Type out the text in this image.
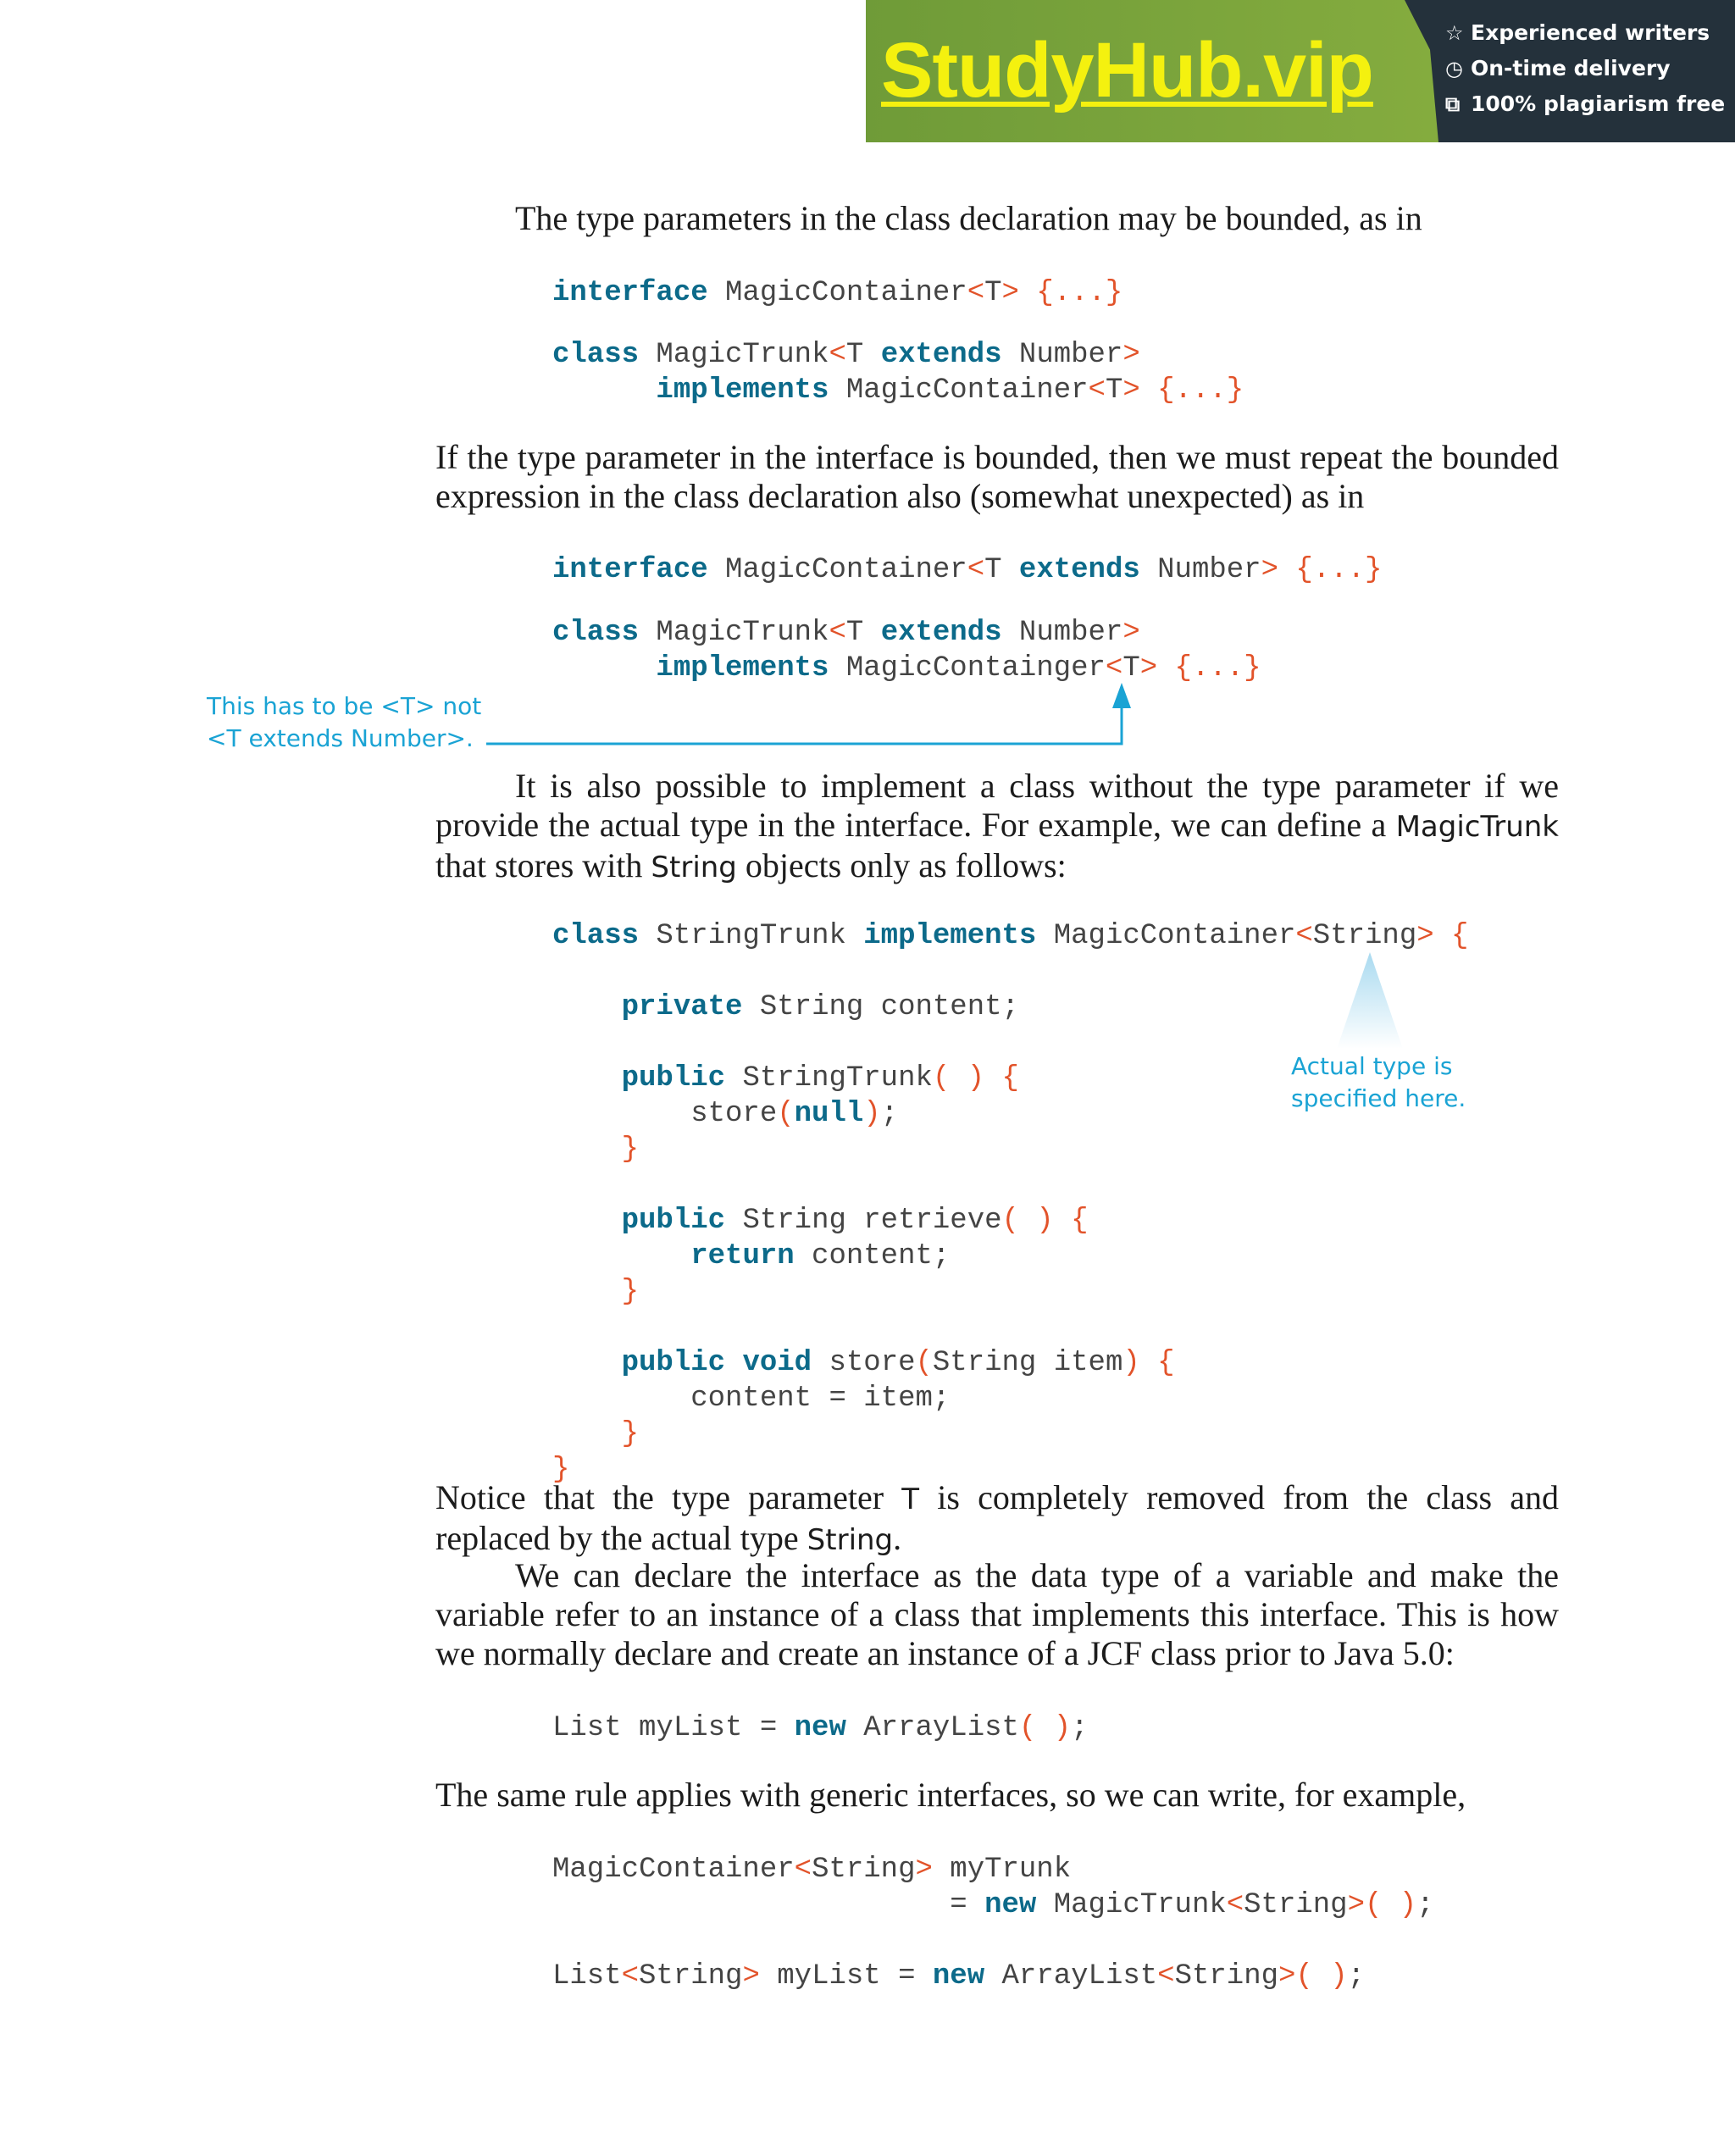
StudyHub.vip	☆ Experienced writers
◷ On-time delivery
⧉ 100% plagiarism free

The type parameters in the class declaration may be bounded, as in

interface MagicContainer<T> {...}
class MagicTrunk<T extends Number>
implements MagicContainer<T> {...}

If the type parameter in the interface is bounded, then we must repeat the bounded expression in the class declaration also (somewhat unexpected) as in

interface MagicContainer<T extends Number> {...}
class MagicTrunk<T extends Number>
implements MagicContainger<T> {...}
This has to be <T> not
<T extends Number>.

It is also possible to implement a class without the type parameter if we provide the actual type in the interface. For example, we can define a MagicTrunk that stores with String objects only as follows:

class StringTrunk implements MagicContainer<String> {

private String content;

public StringTrunk( ) {
store(null);
}

public String retrieve( ) {
return content;
}

public void store(String item) {
content = item;
}
}
Actual type is
specified here.

Notice that the type parameter T is completely removed from the class and replaced by the actual type String.

We can declare the interface as the data type of a variable and make the variable refer to an instance of a class that implements this interface. This is how we normally declare and create an instance of a JCF class prior to Java 5.0:

List myList = new ArrayList( );

The same rule applies with generic interfaces, so we can write, for example,

MagicContainer<String> myTrunk
= new MagicTrunk<String>( );

List<String> myList = new ArrayList<String>( );
